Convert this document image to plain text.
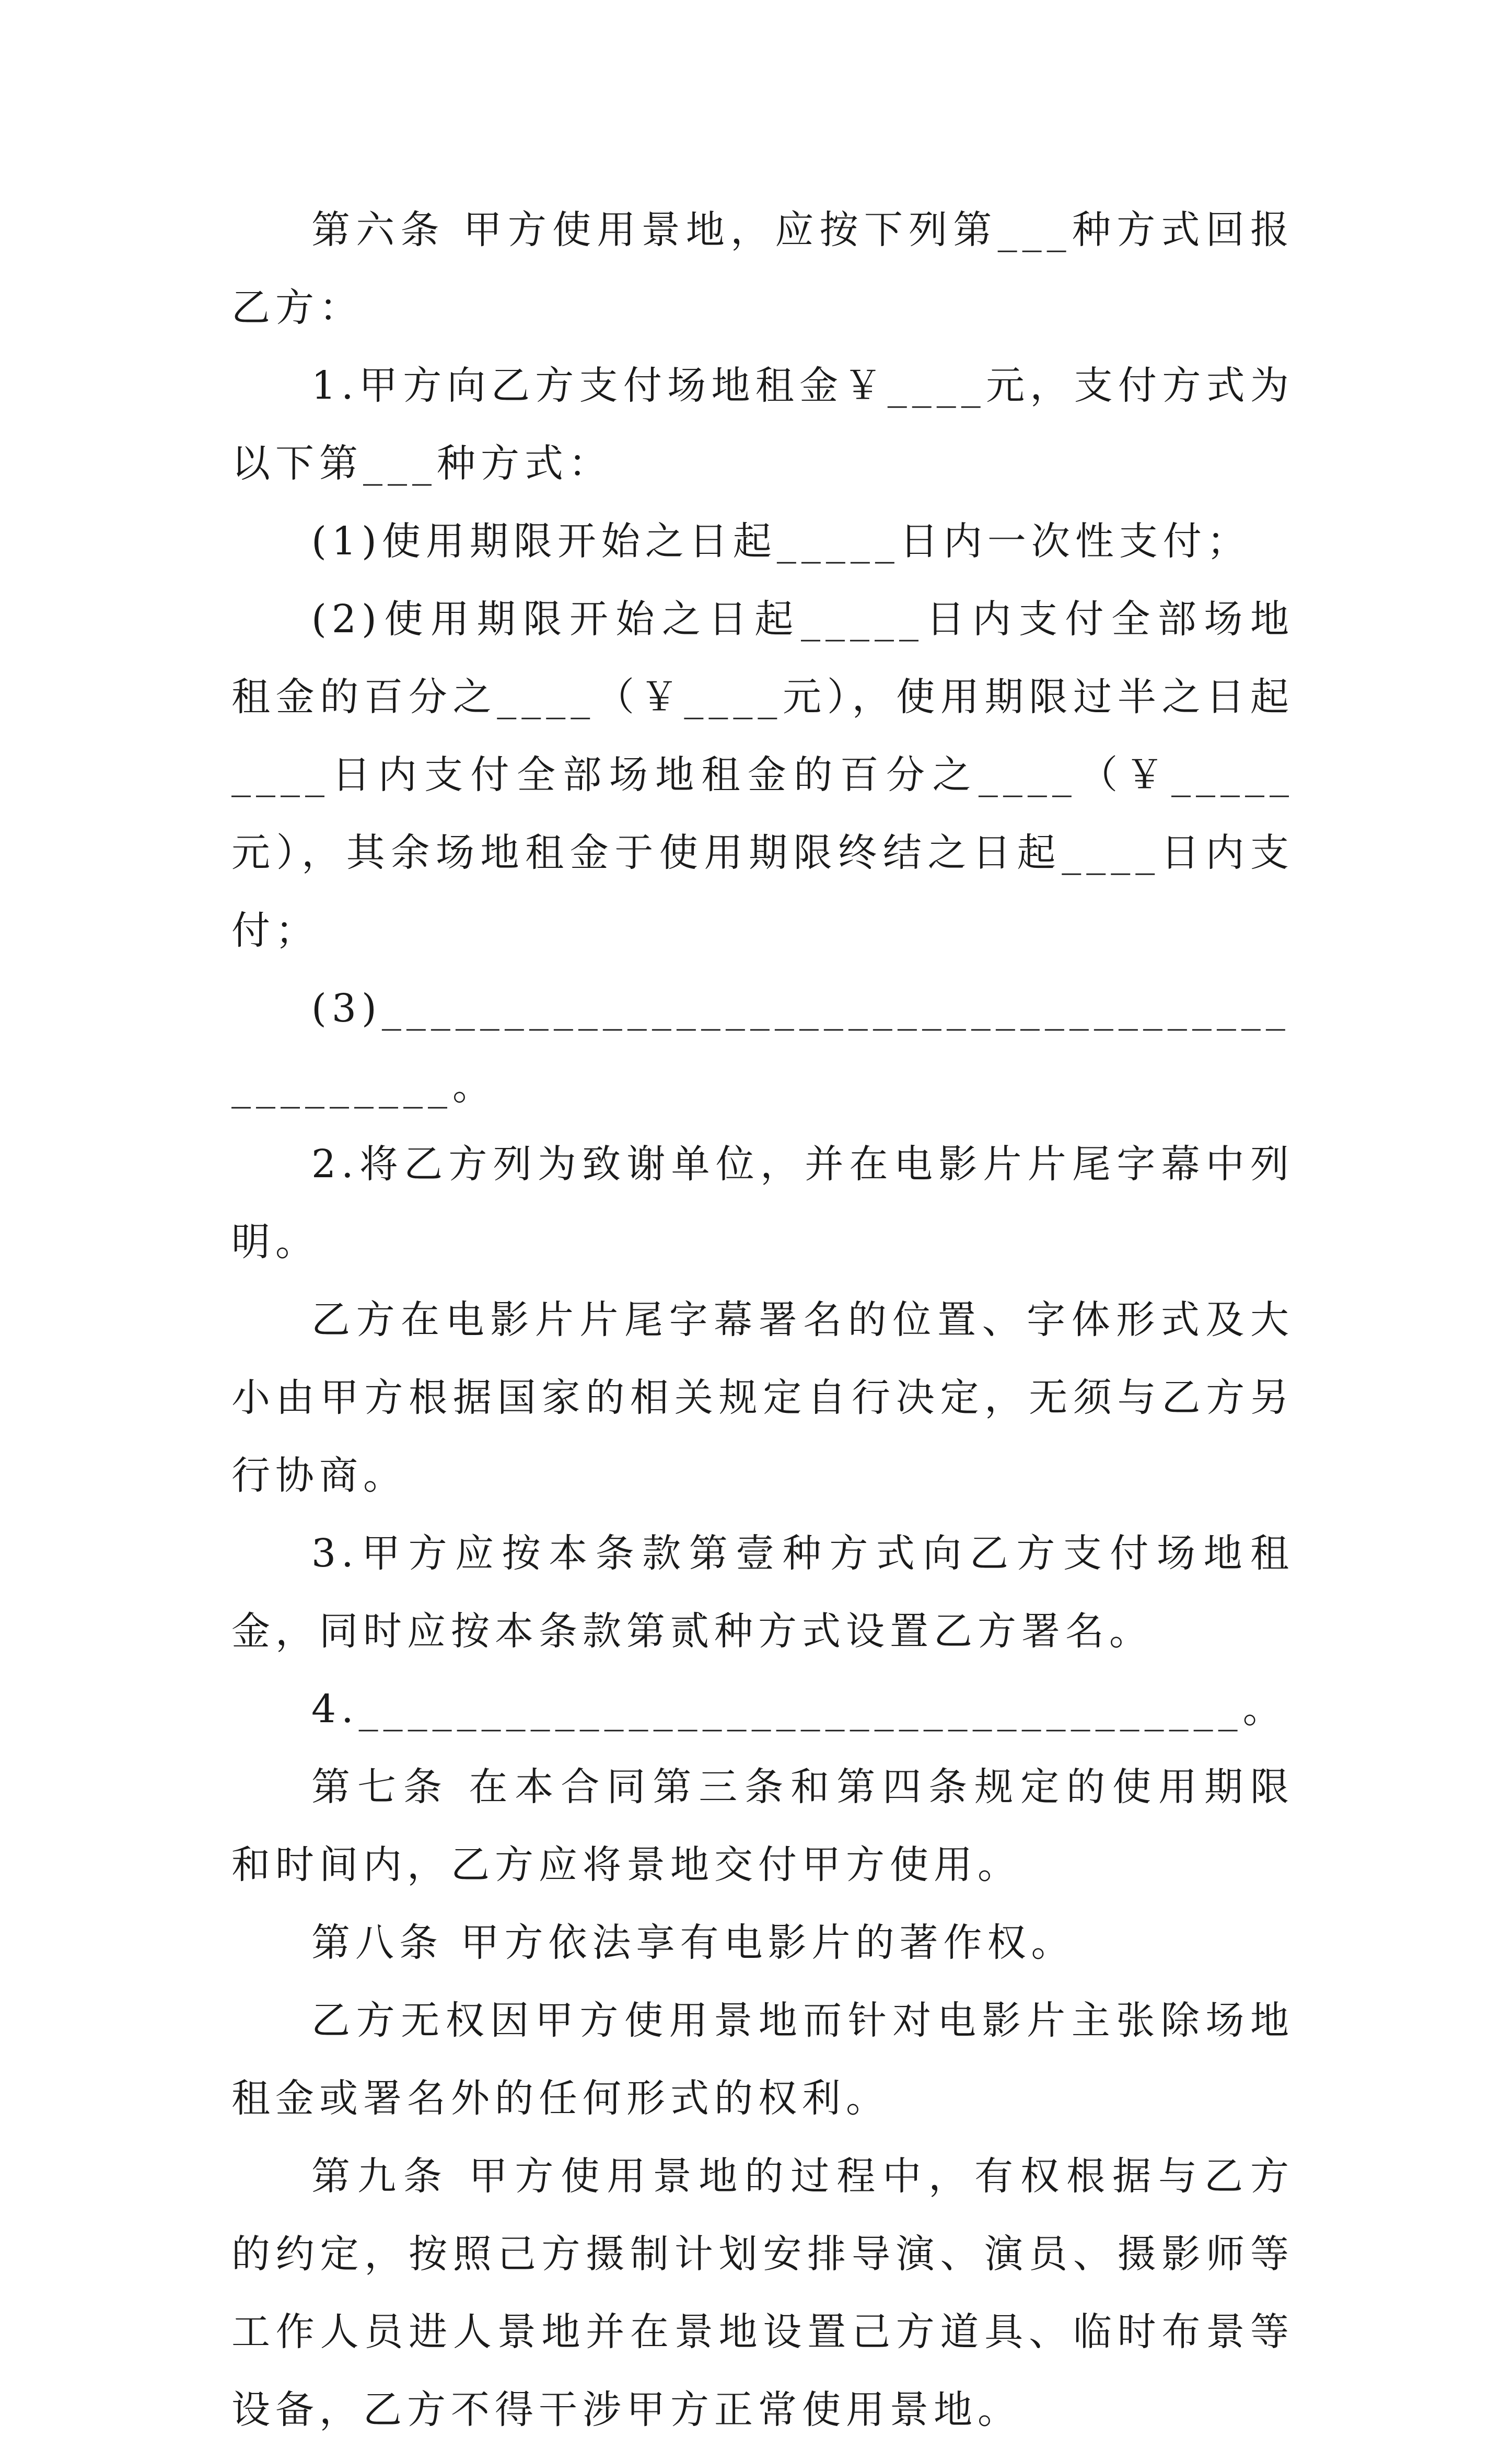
第六条 甲方使用景地，应按下列第___种方式回报乙方：

1.甲方向乙方支付场地租金￥____元，支付方式为以下第___种方式：

(1)使用期限开始之日起_____日内一次性支付；

(2)使用期限开始之日起_____日内支付全部场地租金的百分之____（￥____元），使用期限过半之日起____日内支付全部场地租金的百分之____（￥_____元），其余场地租金于使用期限终结之日起____日内支付；

(3)______________________________________________。

2.将乙方列为致谢单位，并在电影片片尾字幕中列明。

乙方在电影片片尾字幕署名的位置、字体形式及大小由甲方根据国家的相关规定自行决定，无须与乙方另行协商。

3.甲方应按本条款第壹种方式向乙方支付场地租金，同时应按本条款第贰种方式设置乙方署名。

4.____________________________________。

第七条 在本合同第三条和第四条规定的使用期限和时间内，乙方应将景地交付甲方使用。

第八条 甲方依法享有电影片的著作权。

乙方无权因甲方使用景地而针对电影片主张除场地租金或署名外的任何形式的权利。

第九条 甲方使用景地的过程中，有权根据与乙方的约定，按照己方摄制计划安排导演、演员、摄影师等工作人员进人景地并在景地设置己方道具、临时布景等设备，乙方不得干涉甲方正常使用景地。
